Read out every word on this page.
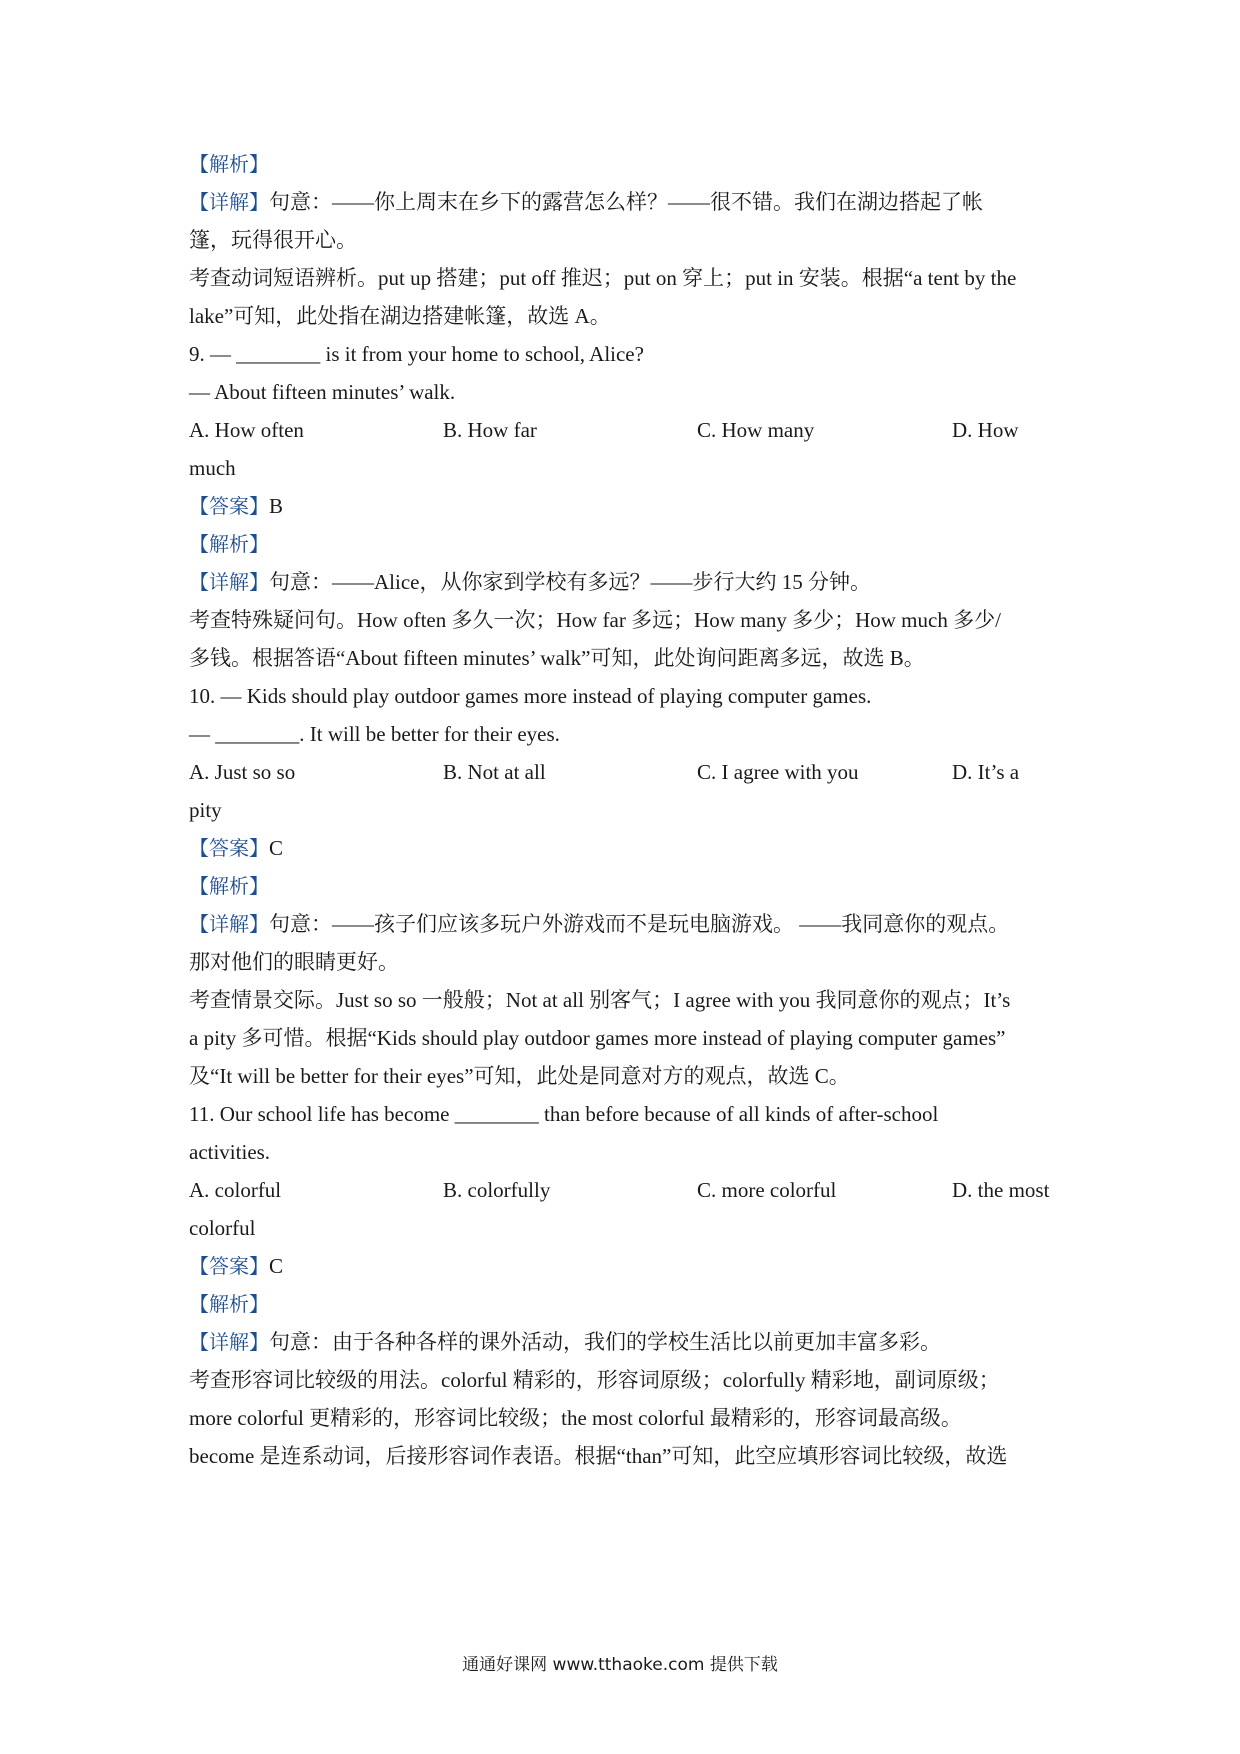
【解析】
【详解】句意：——你上周末在乡下的露营怎么样？——很不错。我们在湖边搭起了帐
篷，玩得很开心。
考查动词短语辨析。put up 搭建；put off 推迟；put on 穿上；put in 安装。根据“a tent by the
lake”可知，此处指在湖边搭建帐篷，故选 A。
9. — ________ is it from your home to school, Alice?
— About fifteen minutes’ walk.
A. How often	B. How far	C. How many	D. How
much
【答案】B
【解析】
【详解】句意：——Alice，从你家到学校有多远？——步行大约 15 分钟。
考查特殊疑问句。How often 多久一次；How far 多远；How many 多少；How much 多少/
多钱。根据答语“About fifteen minutes’ walk”可知，此处询问距离多远，故选 B。
10. — Kids should play outdoor games more instead of playing computer games.
— ________. It will be better for their eyes.
A. Just so so	B. Not at all	C. I agree with you	D. It’s a
pity
【答案】C
【解析】
【详解】句意：——孩子们应该多玩户外游戏而不是玩电脑游戏。 ——我同意你的观点。
那对他们的眼睛更好。
考查情景交际。Just so so 一般般；Not at all 别客气；I agree with you 我同意你的观点；It’s
a pity 多可惜。根据“Kids should play outdoor games more instead of playing computer games”
及“It will be better for their eyes”可知，此处是同意对方的观点，故选 C。
11. Our school life has become ________ than before because of all kinds of after-school
activities.
A. colorful	B. colorfully	C. more colorful	D. the most
colorful
【答案】C
【解析】
【详解】句意：由于各种各样的课外活动，我们的学校生活比以前更加丰富多彩。
考查形容词比较级的用法。colorful 精彩的，形容词原级；colorfully 精彩地，副词原级；
more colorful 更精彩的，形容词比较级；the most colorful 最精彩的，形容词最高级。
become 是连系动词，后接形容词作表语。根据“than”可知，此空应填形容词比较级，故选
通通好课网 www.tthaoke.com 提供下载
